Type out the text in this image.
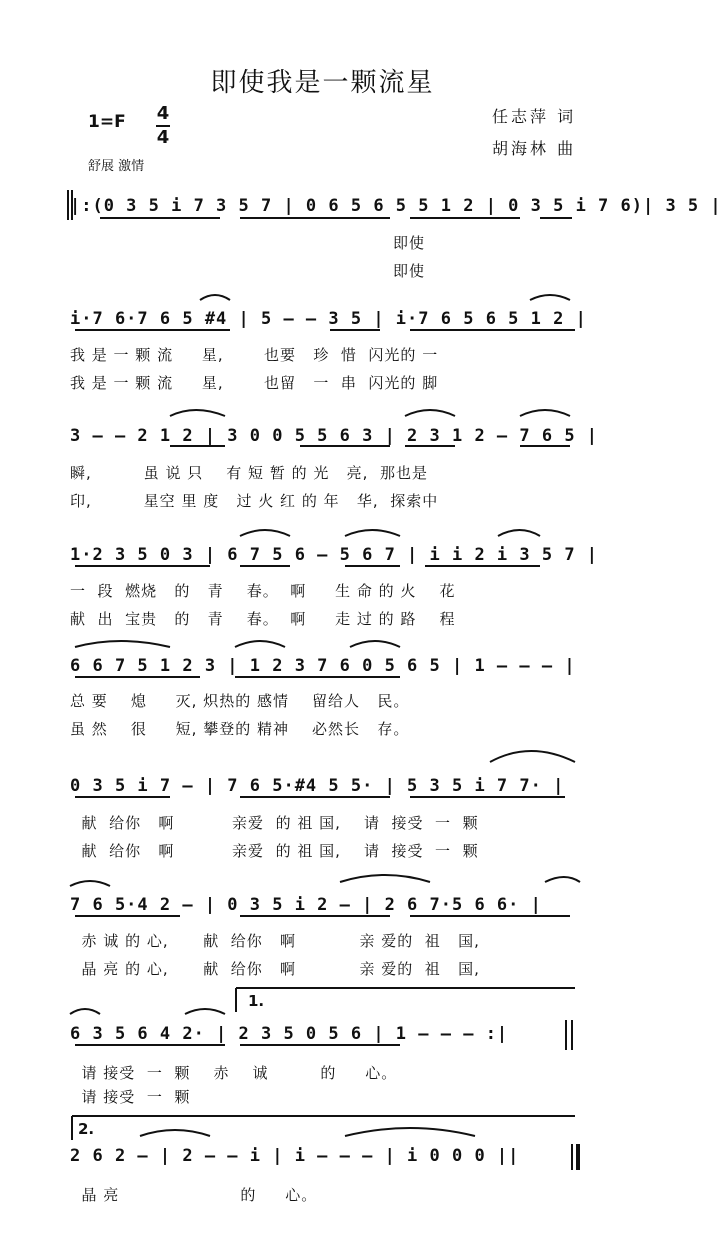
即使我是一颗流星
任志萍 词
胡海林 曲
1=F 4
4
舒展 激情
|:(0 3 5 i 7 3 5 7 | 0 6 5 6 5 5 1 2 | 0 3 5 i 7 6)| 3 5 |
即使
即使
i·7 6·7 6 5 #4 | 5 — — 3 5 | i·7 6 5 6 5 1 2 |
我 是 一 颗 流     星,       也要   珍  惜  闪光的 一
我 是 一 颗 流     星,       也留   一  串  闪光的 脚
3 — — 2 1 2 | 3 0 0 5 5 6 3 | 2 3 1 2 — 7 6 5 |
瞬,         虽 说 只    有 短 暂 的 光   亮,  那也是
印,         星空 里 度   过 火 红 的 年   华,  探索中
1·2 3 5 0 3 | 6 7 5 6 — 5 6 7 | i i 2 i 3 5 7 |
一  段  燃烧   的   青    春。  啊     生 命 的 火    花
献  出  宝贵   的   青    春。  啊     走 过 的 路    程
6 6 7 5 1 2 3 | 1 2 3 7 6 0 5 6 5 | 1 — — — |
总 要    熄     灭, 炽热的 感情    留给人   民。
虽 然    很     短, 攀登的 精神    必然长   存。
0 3 5 i 7 — | 7 6 5·#4 5 5· | 5 3 5 i 7 7· |
献  给你   啊          亲爱  的 祖 国,    请  接受  一  颗
献  给你   啊          亲爱  的 祖 国,    请  接受  一  颗
7 6 5·4 2 — | 0 3 5 i 2 — | 2 6 7·5 6 6· |
赤 诚 的 心,      献  给你   啊           亲 爱的  祖   国,
晶 亮 的 心,      献  给你   啊           亲 爱的  祖   国,
1.
6 3 5 6 4 2· | 2 3 5 0 5 6 | 1 — — — :|
请 接受  一  颗    赤    诚         的     心。
请 接受  一  颗
2.
2 6 2 — | 2 — — i | i — — — | i 0 0 0 ||
晶 亮                     的     心。
